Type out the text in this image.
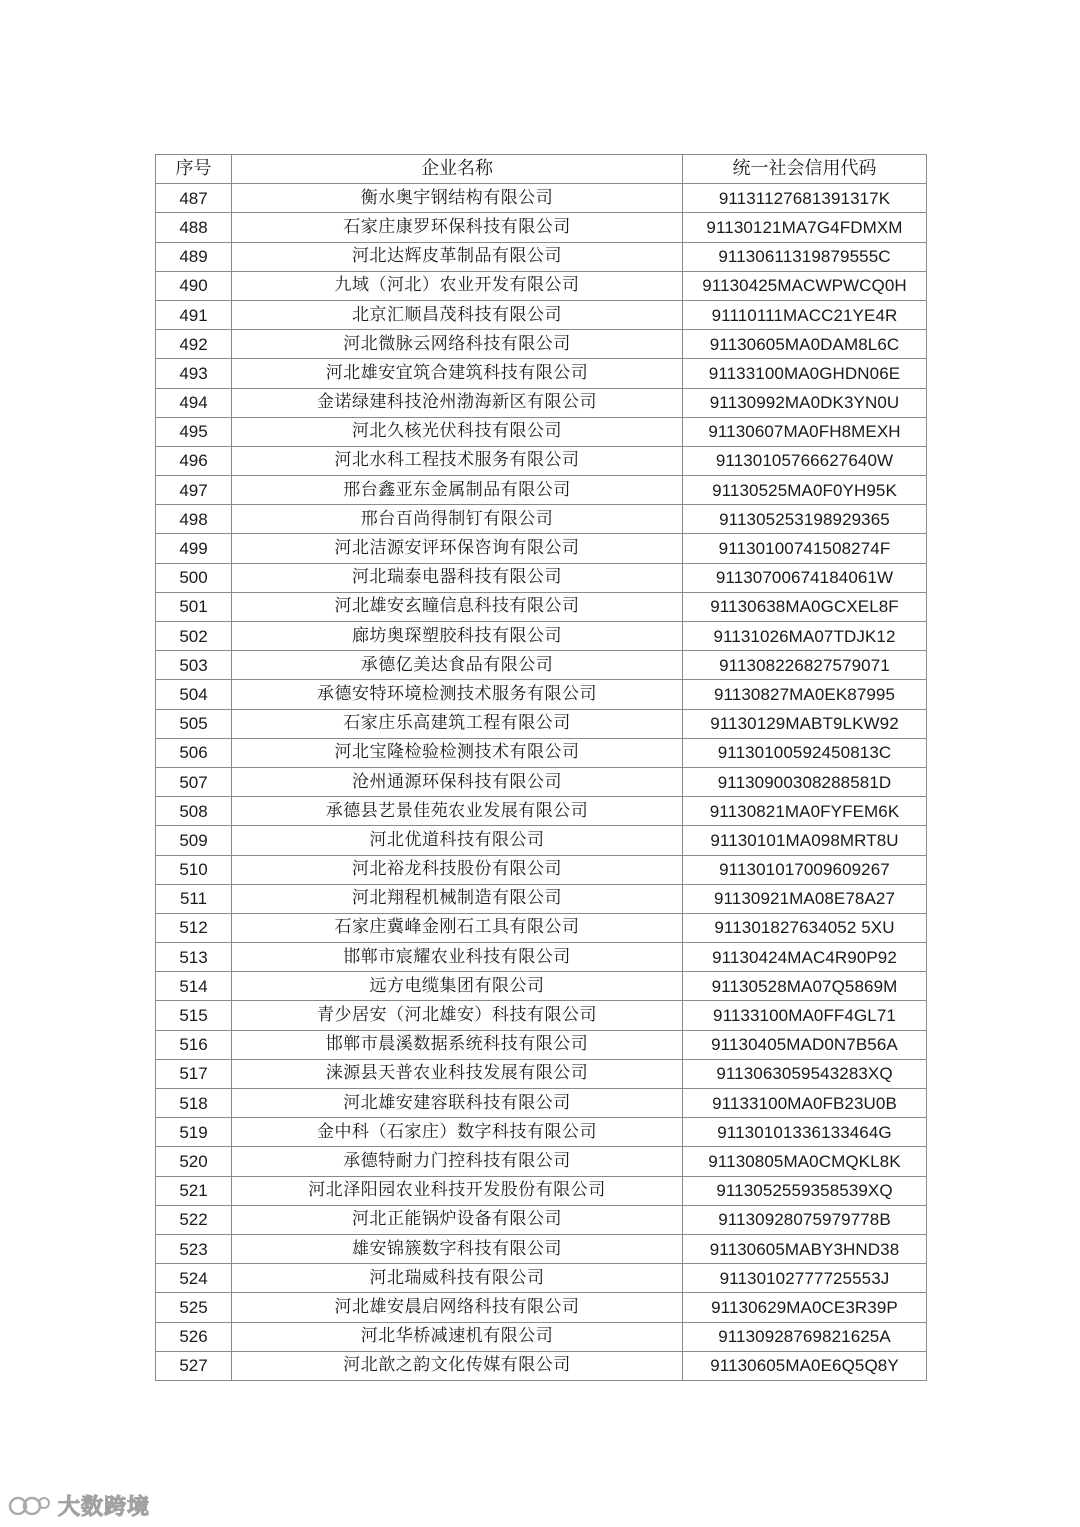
序号	企业名称	统一社会信用代码
487	衡水奥宇钢结构有限公司	91131127681391317K
488	石家庄康罗环保科技有限公司	91130121MA7G4FDMXM
489	河北达辉皮革制品有限公司	91130611319879555C
490	九域（河北）农业开发有限公司	91130425MACWPWCQ0H
491	北京汇顺昌茂科技有限公司	91110111MACC21YE4R
492	河北微脉云网络科技有限公司	91130605MA0DAM8L6C
493	河北雄安宜筑合建筑科技有限公司	91133100MA0GHDN06E
494	金诺绿建科技沧州渤海新区有限公司	91130992MA0DK3YN0U
495	河北久核光伏科技有限公司	91130607MA0FH8MEXH
496	河北水科工程技术服务有限公司	91130105766627640W
497	邢台鑫亚东金属制品有限公司	91130525MA0F0YH95K
498	邢台百尚得制钉有限公司	911305253198929365
499	河北洁源安评环保咨询有限公司	91130100741508274F
500	河北瑞泰电器科技有限公司	91130700674184061W
501	河北雄安玄瞳信息科技有限公司	91130638MA0GCXEL8F
502	廊坊奥琛塑胶科技有限公司	91131026MA07TDJK12
503	承德亿美达食品有限公司	911308226827579071
504	承德安特环境检测技术服务有限公司	91130827MA0EK87995
505	石家庄乐高建筑工程有限公司	91130129MABT9LKW92
506	河北宝隆检验检测技术有限公司	91130100592450813C
507	沧州通源环保科技有限公司	91130900308288581D
508	承德县艺景佳苑农业发展有限公司	91130821MA0FYFEM6K
509	河北优道科技有限公司	91130101MA098MRT8U
510	河北裕龙科技股份有限公司	911301017009609267
511	河北翔程机械制造有限公司	91130921MA08E78A27
512	石家庄冀峰金刚石工具有限公司	911301827634052 5XU
513	邯郸市宸耀农业科技有限公司	91130424MAC4R90P92
514	远方电缆集团有限公司	91130528MA07Q5869M
515	青少居安（河北雄安）科技有限公司	91133100MA0FF4GL71
516	邯郸市晨溪数据系统科技有限公司	91130405MAD0N7B56A
517	涞源县天普农业科技发展有限公司	9113063059543283XQ
518	河北雄安建容联科技有限公司	91133100MA0FB23U0B
519	金中科（石家庄）数字科技有限公司	91130101336133464G
520	承德特耐力门控科技有限公司	91130805MA0CMQKL8K
521	河北泽阳园农业科技开发股份有限公司	9113052559358539XQ
522	河北正能锅炉设备有限公司	91130928075979778B
523	雄安锦簇数字科技有限公司	91130605MABY3HND38
524	河北瑞威科技有限公司	91130102777725553J
525	河北雄安晨启网络科技有限公司	91130629MA0CE3R39P
526	河北华桥减速机有限公司	91130928769821625A
527	河北歆之韵文化传媒有限公司	91130605MA0E6Q5Q8Y
大数跨境
